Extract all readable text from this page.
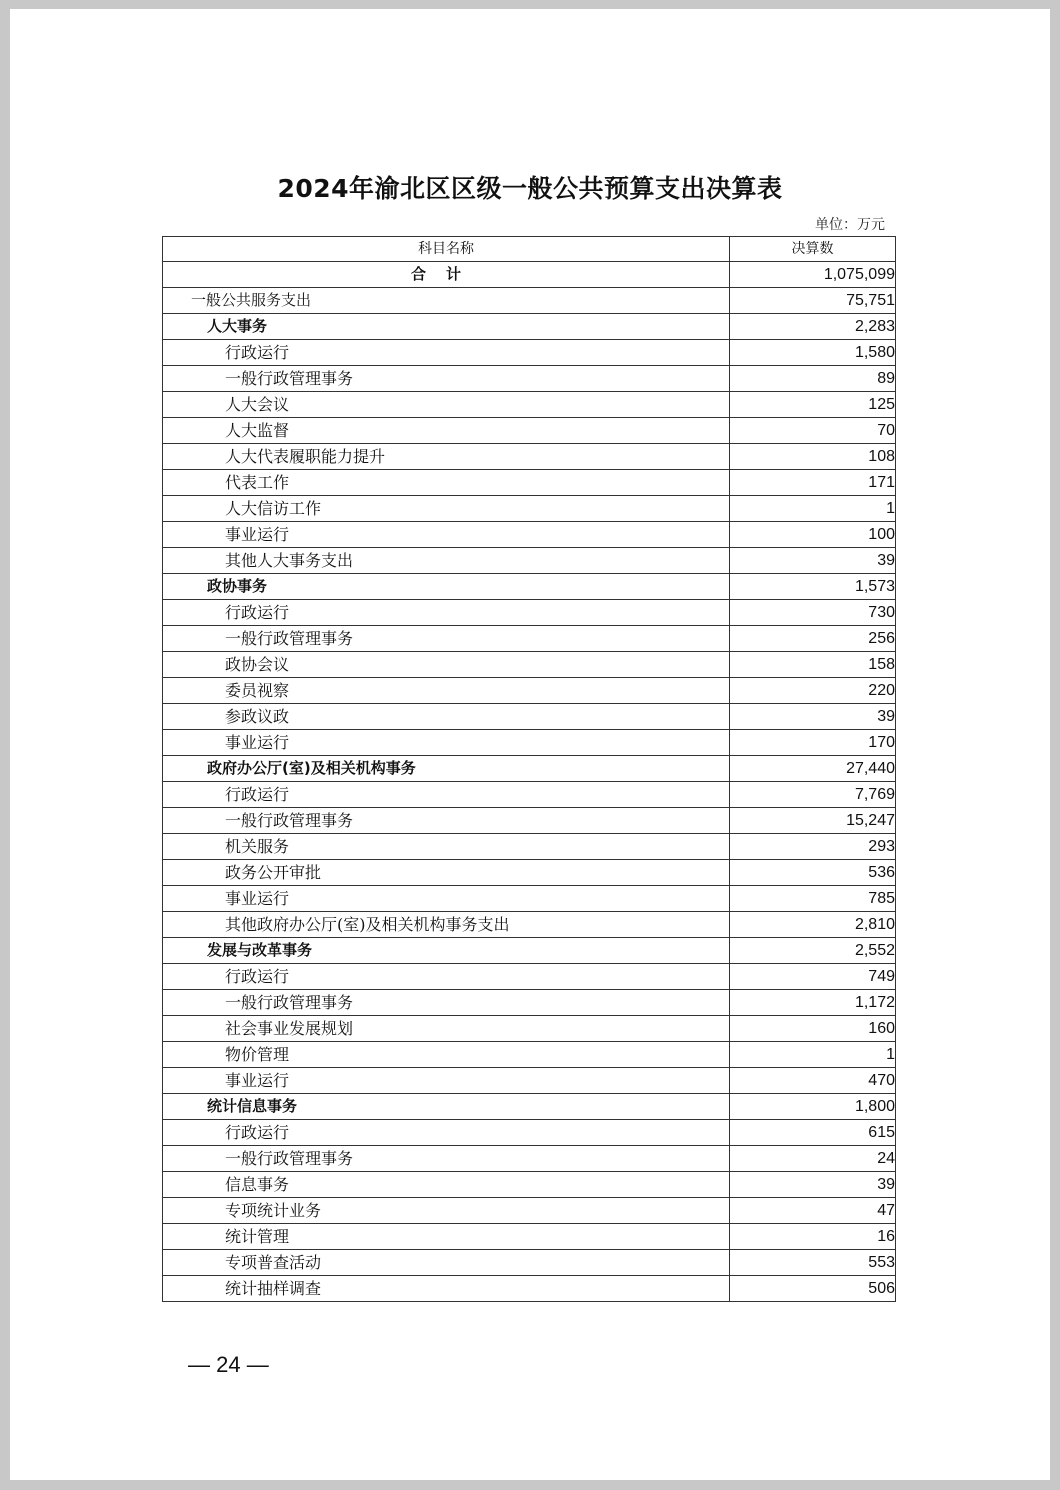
2024年渝北区区级一般公共预算支出决算表
单位：万元
科目名称	决算数
合计	1,075,099
一般公共服务支出	75,751
人大事务	2,283
行政运行	1,580
一般行政管理事务	89
人大会议	125
人大监督	70
人大代表履职能力提升	108
代表工作	171
人大信访工作	1
事业运行	100
其他人大事务支出	39
政协事务	1,573
行政运行	730
一般行政管理事务	256
政协会议	158
委员视察	220
参政议政	39
事业运行	170
政府办公厅(室)及相关机构事务	27,440
行政运行	7,769
一般行政管理事务	15,247
机关服务	293
政务公开审批	536
事业运行	785
其他政府办公厅(室)及相关机构事务支出	2,810
发展与改革事务	2,552
行政运行	749
一般行政管理事务	1,172
社会事业发展规划	160
物价管理	1
事业运行	470
统计信息事务	1,800
行政运行	615
一般行政管理事务	24
信息事务	39
专项统计业务	47
统计管理	16
专项普查活动	553
统计抽样调查	506
— 24 —
